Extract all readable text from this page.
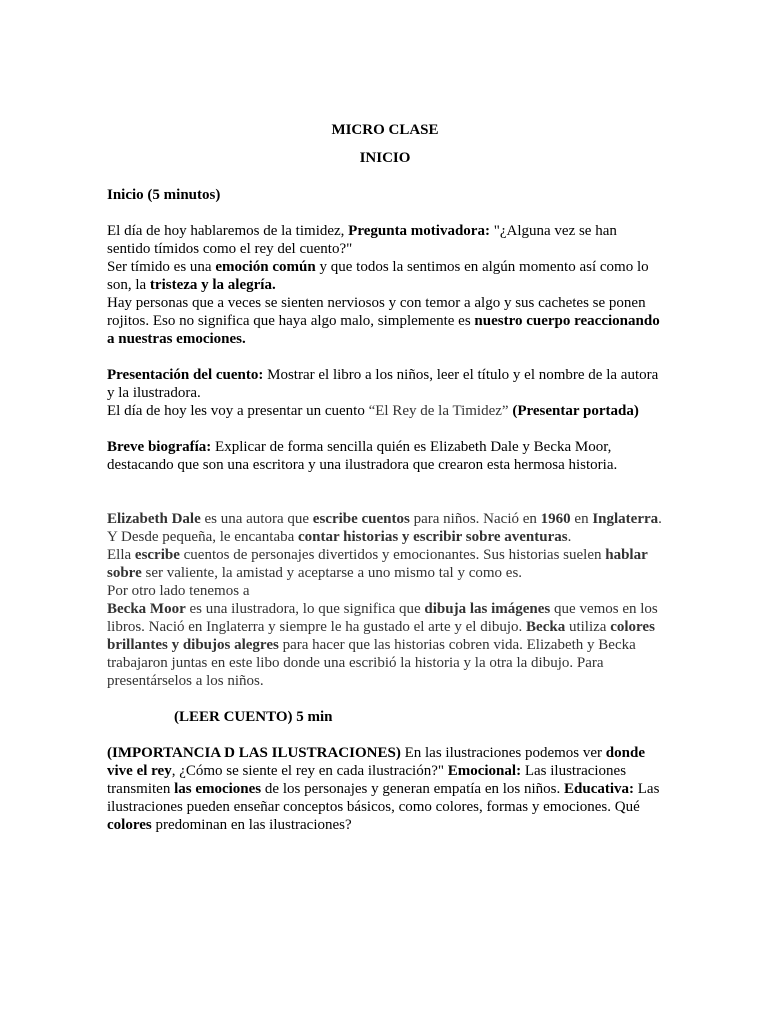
MICRO CLASE

INICIO

Inicio (5 minutos)

El día de hoy hablaremos de la timidez, Pregunta motivadora: "¿Alguna vez se han sentido tímidos como el rey del cuento?"

Ser tímido es una emoción común y que todos la sentimos en algún momento así como lo son, la tristeza y la alegría.

Hay personas que a veces se sienten nerviosos y con temor a algo y sus cachetes se ponen rojitos. Eso no significa que haya algo malo, simplemente es nuestro cuerpo reaccionando a nuestras emociones.

Presentación del cuento: Mostrar el libro a los niños, leer el título y el nombre de la autora y la ilustradora.

El día de hoy les voy a presentar un cuento “El Rey de la Timidez” (Presentar portada)

Breve biografía: Explicar de forma sencilla quién es Elizabeth Dale y Becka Moor, destacando que son una escritora y una ilustradora que crearon esta hermosa historia.

Elizabeth Dale es una autora que escribe cuentos para niños. Nació en 1960 en Inglaterra. Y Desde pequeña, le encantaba contar historias y escribir sobre aventuras.

Ella escribe cuentos de personajes divertidos y emocionantes. Sus historias suelen hablar sobre ser valiente, la amistad y aceptarse a uno mismo tal y como es.

Por otro lado tenemos a

Becka Moor es una ilustradora, lo que significa que dibuja las imágenes que vemos en los libros. Nació en Inglaterra y siempre le ha gustado el arte y el dibujo. Becka utiliza colores brillantes y dibujos alegres para hacer que las historias cobren vida. Elizabeth y Becka trabajaron juntas en este libo donde una escribió la historia y la otra la dibujo. Para presentárselos a los niños.

(LEER CUENTO) 5 min

(IMPORTANCIA D LAS ILUSTRACIONES) En las ilustraciones podemos ver donde vive el rey, ¿Cómo se siente el rey en cada ilustración?" Emocional: Las ilustraciones transmiten las emociones de los personajes y generan empatía en los niños. Educativa: Las ilustraciones pueden enseñar conceptos básicos, como colores, formas y emociones. Qué colores predominan en las ilustraciones?
